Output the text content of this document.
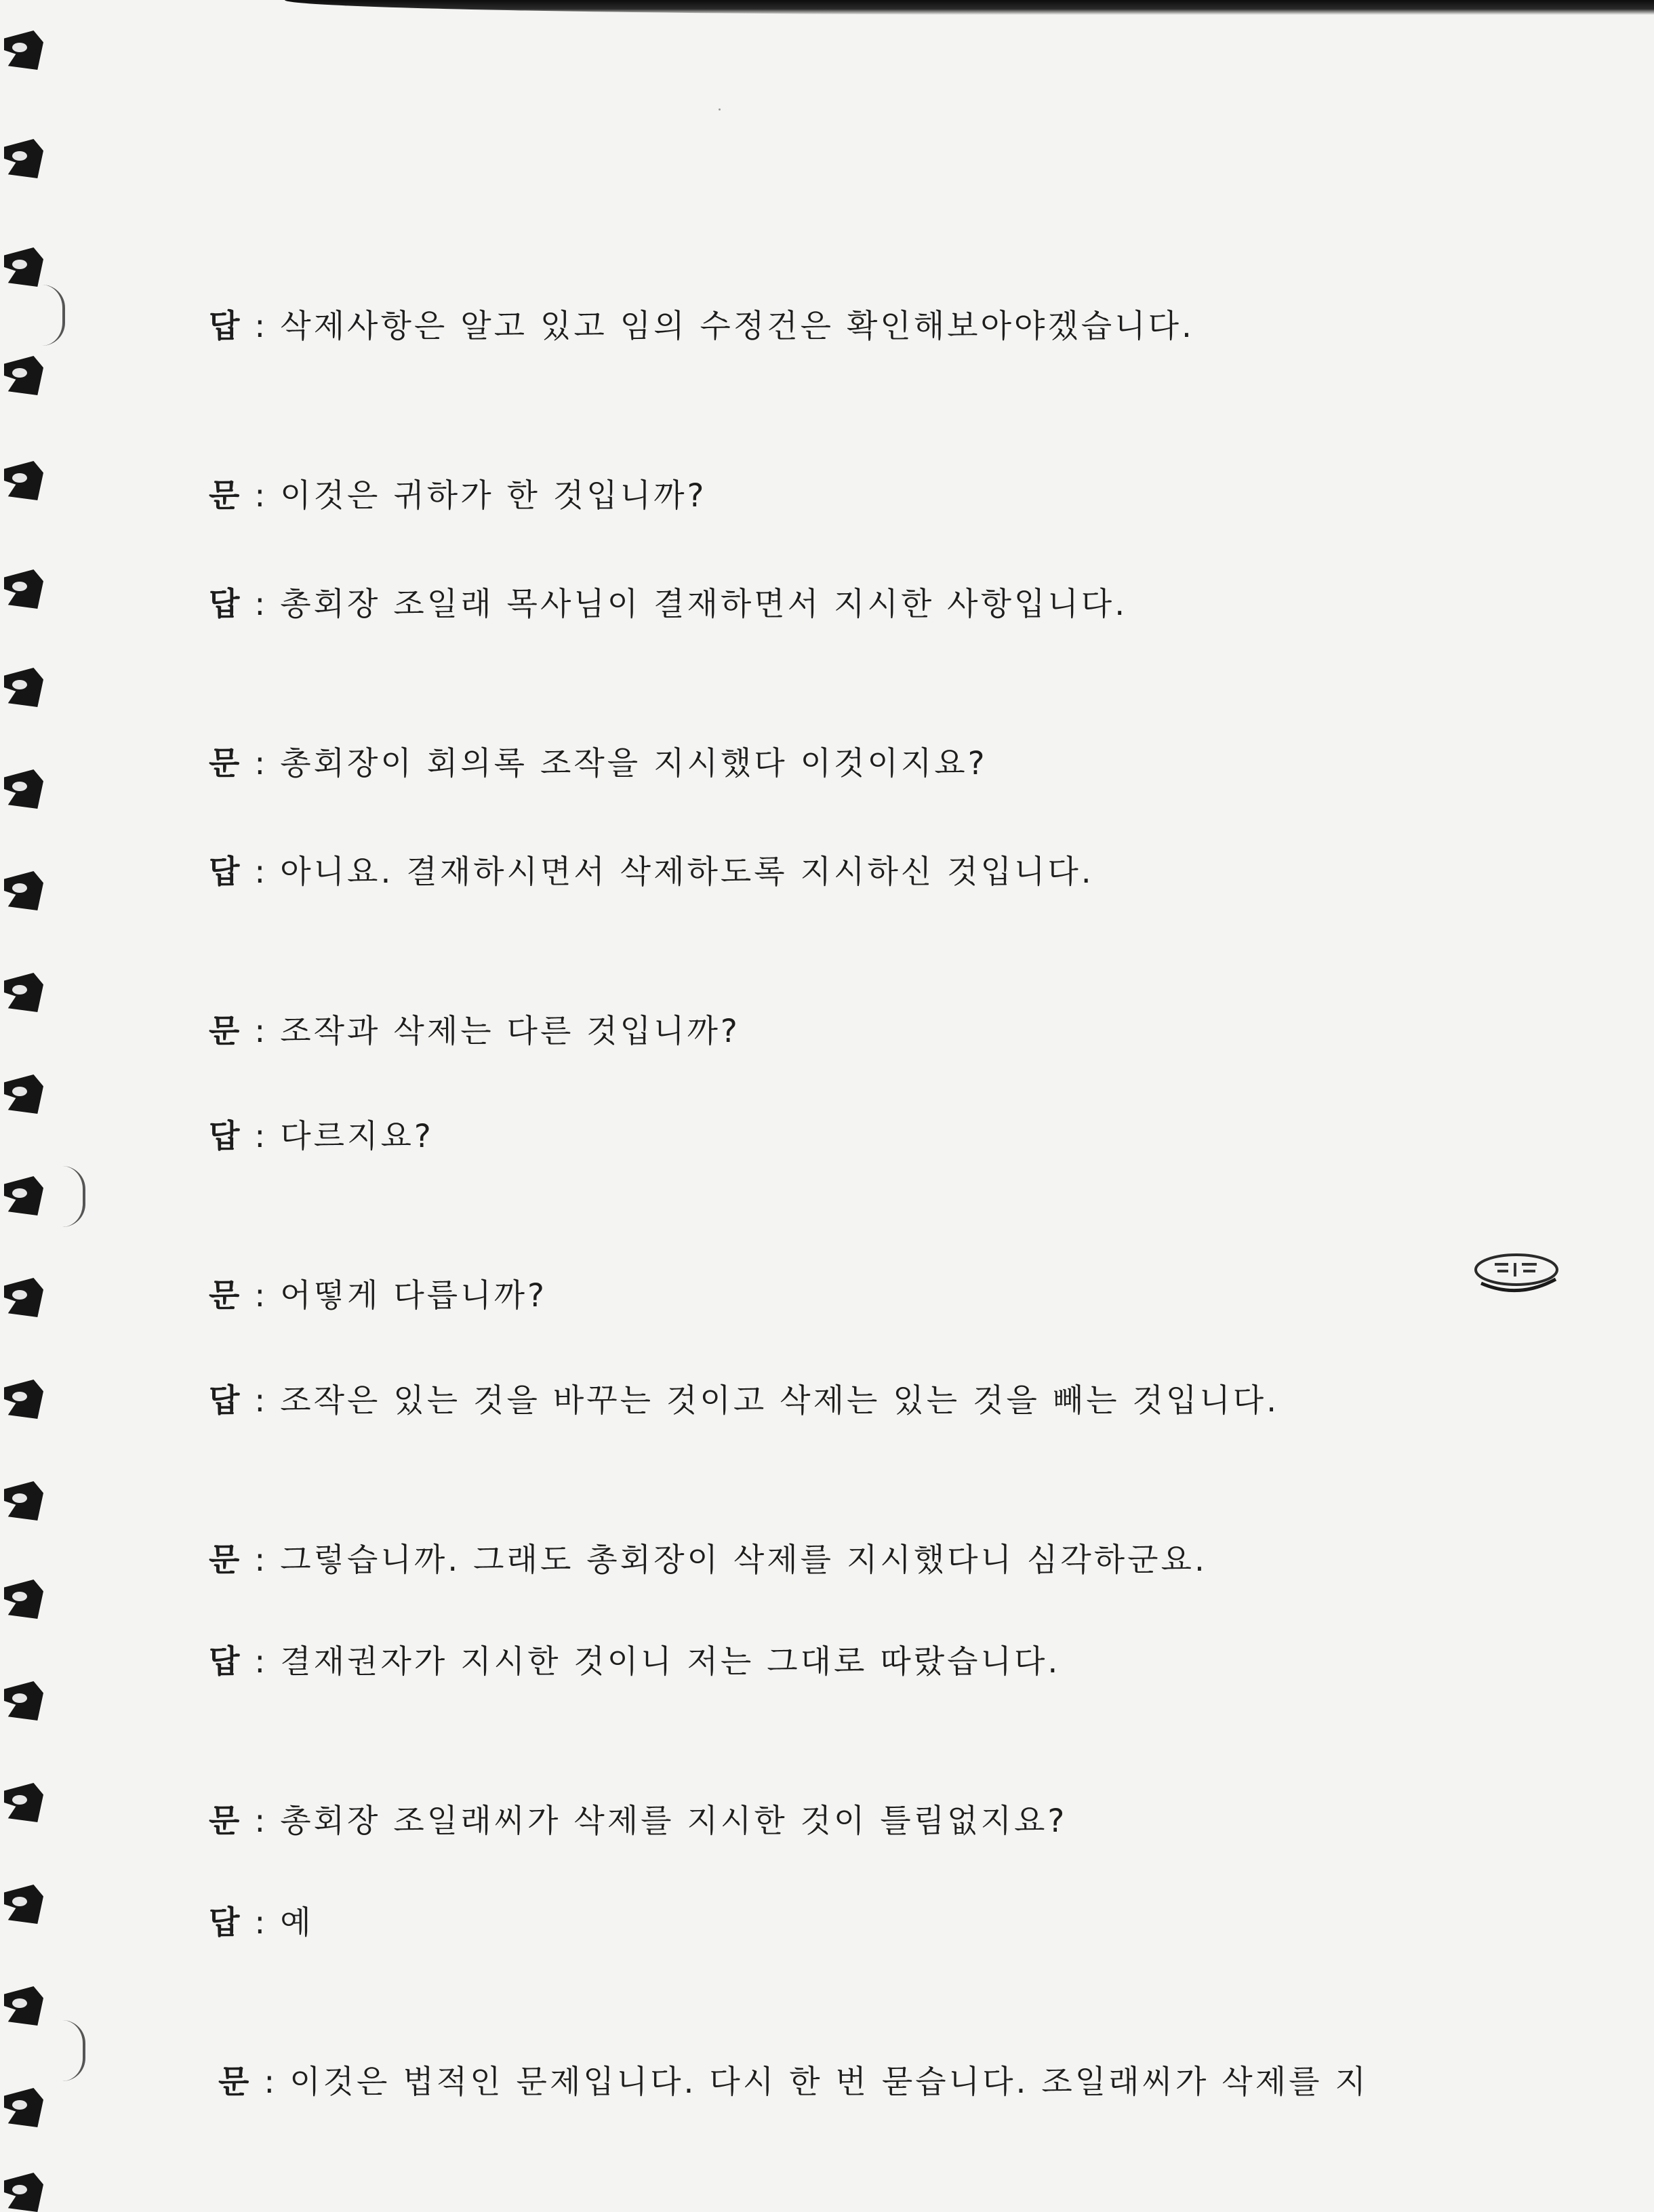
답 : 삭제사항은 알고 있고 임의 수정건은 확인해보아야겠습니다.
문 : 이것은 귀하가 한 것입니까?
답 : 총회장 조일래 목사님이 결재하면서 지시한 사항입니다.
문 : 총회장이 회의록 조작을 지시했다 이것이지요?
답 : 아니요. 결재하시면서 삭제하도록 지시하신 것입니다.
문 : 조작과 삭제는 다른 것입니까?
답 : 다르지요?
문 : 어떻게 다릅니까?
답 : 조작은 있는 것을 바꾸는 것이고 삭제는 있는 것을 빼는 것입니다.
문 : 그렇습니까. 그래도 총회장이 삭제를 지시했다니 심각하군요.
답 : 결재권자가 지시한 것이니 저는 그대로 따랐습니다.
문 : 총회장 조일래씨가 삭제를 지시한 것이 틀림없지요?
답 : 예
문 : 이것은 법적인 문제입니다. 다시 한 번 묻습니다. 조일래씨가 삭제를 지
